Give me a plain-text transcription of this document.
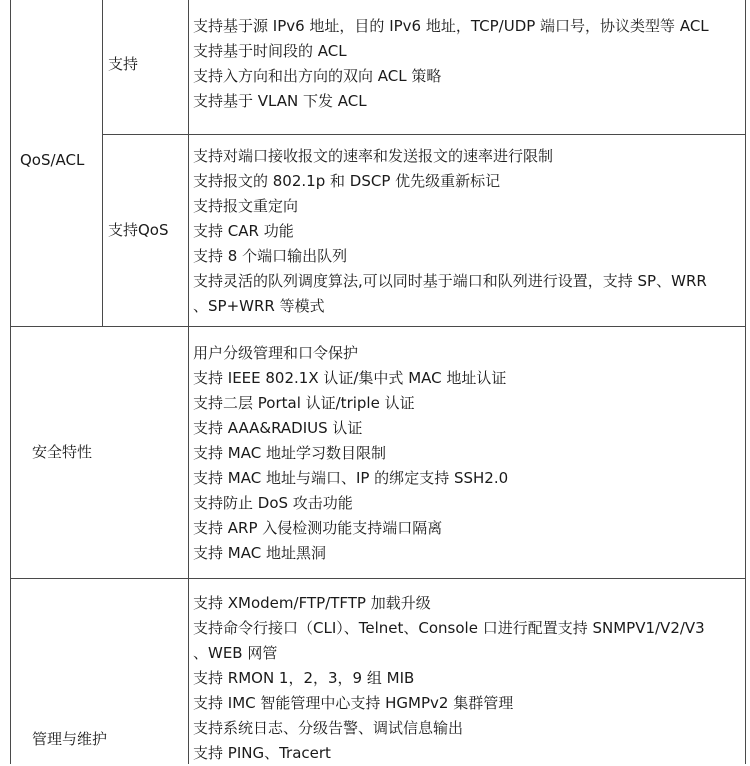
QoS/ACL
支持
支持基于源 IPv6 地址，目的 IPv6 地址，TCP/UDP 端口号，协议类型等 ACL
支持基于时间段的 ACL
支持入方向和出方向的双向 ACL 策略
支持基于 VLAN 下发 ACL
支持QoS
支持对端口接收报文的速率和发送报文的速率进行限制
支持报文的 802.1p 和 DSCP 优先级重新标记
支持报文重定向
支持 CAR 功能
支持 8 个端口输出队列
支持灵活的队列调度算法,可以同时基于端口和队列进行设置，支持 SP、WRR
、SP+WRR 等模式
安全特性
用户分级管理和口令保护
支持 IEEE 802.1X 认证/集中式 MAC 地址认证
支持二层 Portal 认证/triple 认证
支持 AAA&RADIUS 认证
支持 MAC 地址学习数目限制
支持 MAC 地址与端口、IP 的绑定支持 SSH2.0
支持防止 DoS 攻击功能
支持 ARP 入侵检测功能支持端口隔离
支持 MAC 地址黑洞
管理与维护
支持 XModem/FTP/TFTP 加载升级
支持命令行接口（CLI）、Telnet、Console 口进行配置支持 SNMPV1/V2/V3
、WEB 网管
支持 RMON 1，2，3，9 组 MIB
支持 IMC 智能管理中心支持 HGMPv2 集群管理
支持系统日志、分级告警、调试信息输出
支持 PING、Tracert
